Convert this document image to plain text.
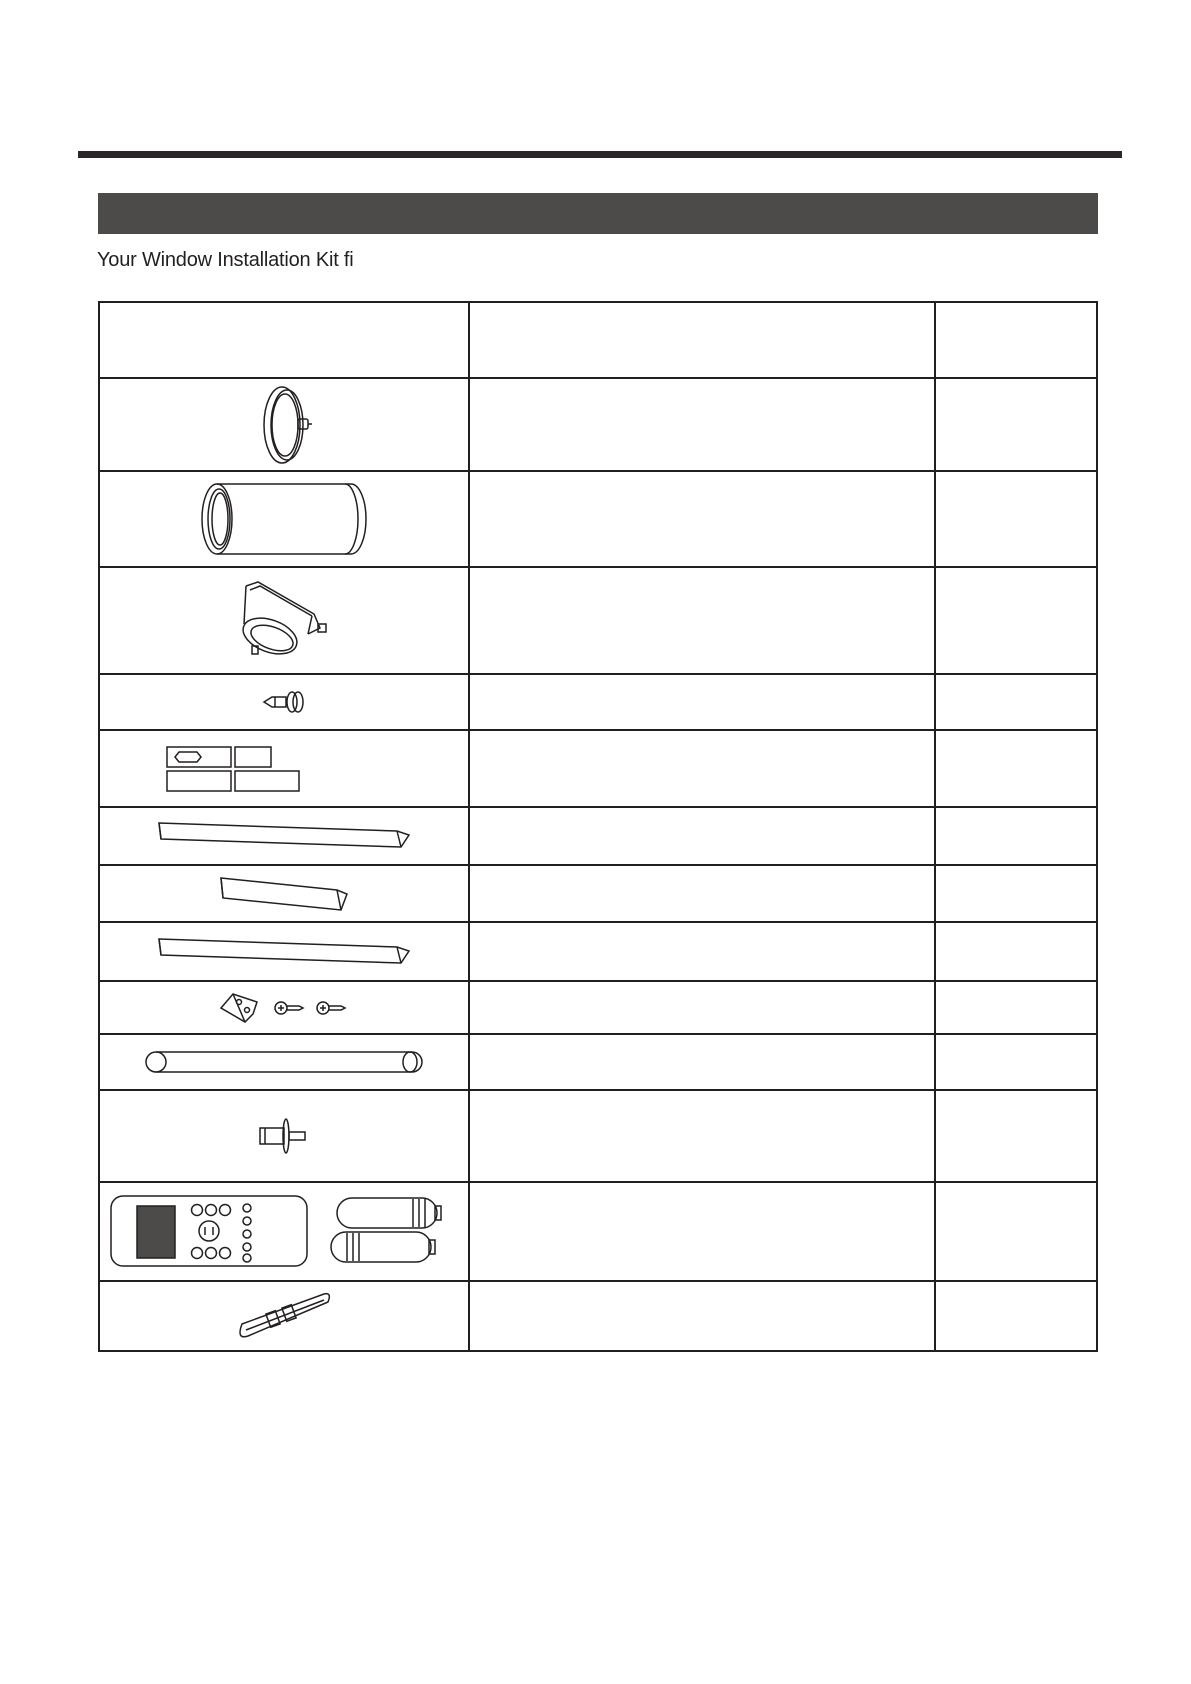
Your Window Installation Kit fi
